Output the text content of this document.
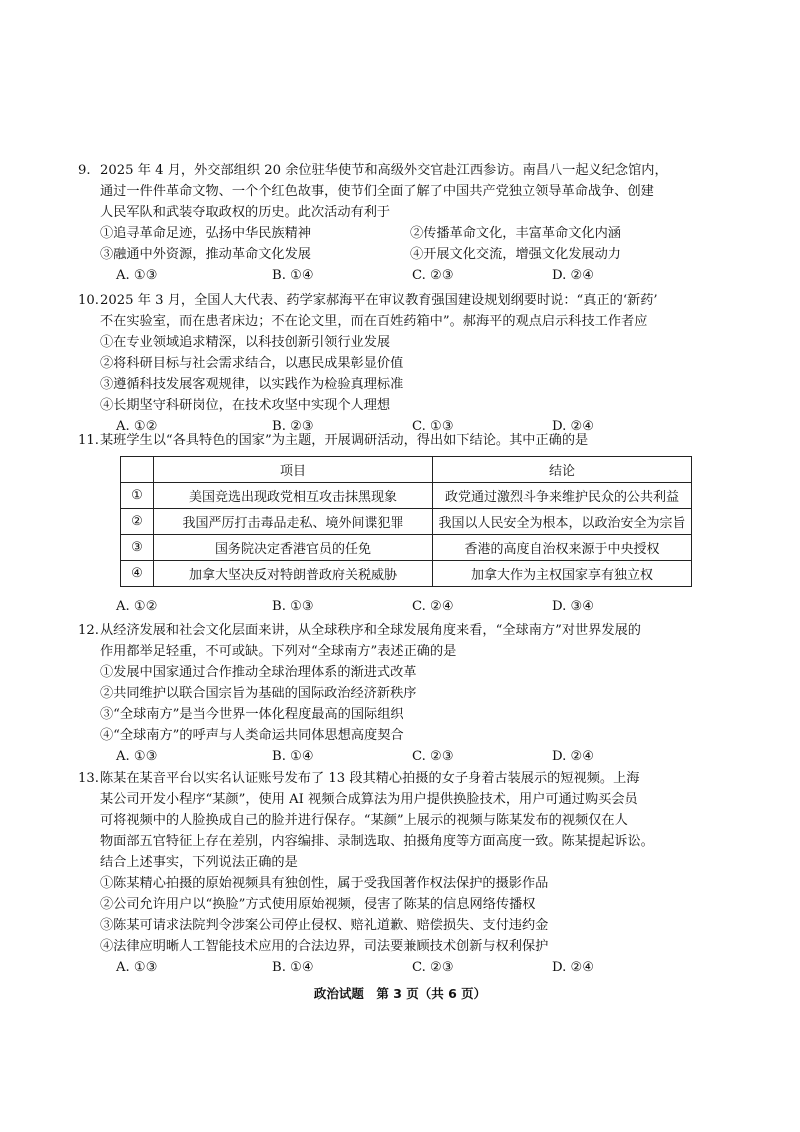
9. 2025 年 4 月，外交部组织 20 余位驻华使节和高级外交官赴江西参访。南昌八一起义纪念馆内，
通过一件件革命文物、一个个红色故事，使节们全面了解了中国共产党独立领导革命战争、创建
人民军队和武装夺取政权的历史。此次活动有利于
①追寻革命足迹，弘扬中华民族精神	②传播革命文化，丰富革命文化内涵
③融通中外资源，推动革命文化发展	④开展文化交流，增强文化发展动力
A. ①③	B. ①④	C. ②③	D. ②④
10. 2025 年 3 月，全国人大代表、药学家郝海平在审议教育强国建设规划纲要时说：“真正的‘新药’
不在实验室，而在患者床边；不在论文里，而在百姓药箱中”。郝海平的观点启示科技工作者应
①在专业领域追求精深，以科技创新引领行业发展
②将科研目标与社会需求结合，以惠民成果彰显价值
③遵循科技发展客观规律，以实践作为检验真理标准
④长期坚守科研岗位，在技术攻坚中实现个人理想
A. ①②	B. ②③	C. ①③	D. ②④
11. 某班学生以“各具特色的国家”为主题，开展调研活动，得出如下结论。其中正确的是
	项目	结论
①	美国竞选出现政党相互攻击抹黑现象	政党通过激烈斗争来维护民众的公共利益
②	我国严厉打击毒品走私、境外间谍犯罪	我国以人民安全为根本，以政治安全为宗旨
③	国务院决定香港官员的任免	香港的高度自治权来源于中央授权
④	加拿大坚决反对特朗普政府关税威胁	加拿大作为主权国家享有独立权
A. ①②	B. ①③	C. ②④	D. ③④
12. 从经济发展和社会文化层面来讲，从全球秩序和全球发展角度来看，“全球南方”对世界发展的
作用都举足轻重，不可或缺。下列对“全球南方”表述正确的是
①发展中国家通过合作推动全球治理体系的渐进式改革
②共同维护以联合国宗旨为基础的国际政治经济新秩序
③“全球南方”是当今世界一体化程度最高的国际组织
④“全球南方”的呼声与人类命运共同体思想高度契合
A. ①③	B. ①④	C. ②③	D. ②④
13. 陈某在某音平台以实名认证账号发布了 13 段其精心拍摄的女子身着古装展示的短视频。上海
某公司开发小程序“某颜”，使用 AI 视频合成算法为用户提供换脸技术，用户可通过购买会员
可将视频中的人脸换成自己的脸并进行保存。“某颜”上展示的视频与陈某发布的视频仅在人
物面部五官特征上存在差别，内容编排、录制选取、拍摄角度等方面高度一致。陈某提起诉讼。
结合上述事实，下列说法正确的是
①陈某精心拍摄的原始视频具有独创性，属于受我国著作权法保护的摄影作品
②公司允许用户以“换脸”方式使用原始视频，侵害了陈某的信息网络传播权
③陈某可请求法院判令涉案公司停止侵权、赔礼道歉、赔偿损失、支付违约金
④法律应明晰人工智能技术应用的合法边界，司法要兼顾技术创新与权利保护
A. ①③	B. ①④	C. ②③	D. ②④
政治试题　第 3 页（共 6 页）
